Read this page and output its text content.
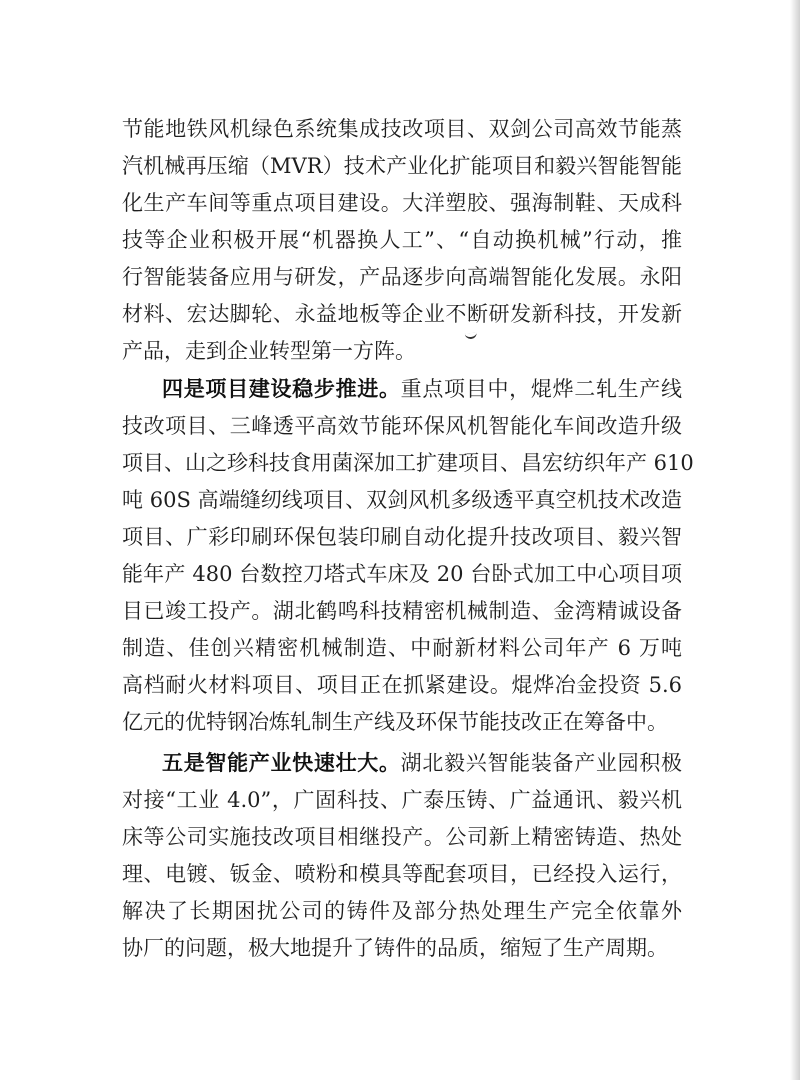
节能地铁风机绿色系统集成技改项目、双剑公司高效节能蒸
汽机械再压缩（MVR）技术产业化扩能项目和毅兴智能智能
化生产车间等重点项目建设。大洋塑胶、强海制鞋、天成科
技等企业积极开展“机器换人工”、“自动换机械”行动，推
行智能装备应用与研发，产品逐步向高端智能化发展。永阳
材料、宏达脚轮、永益地板等企业不断研发新科技，开发新
产品，走到企业转型第一方阵。
四是项目建设稳步推进。重点项目中，焜烨二轧生产线
技改项目、三峰透平高效节能环保风机智能化车间改造升级
项目、山之珍科技食用菌深加工扩建项目、昌宏纺织年产 610
吨 60S 高端缝纫线项目、双剑风机多级透平真空机技术改造
项目、广彩印刷环保包装印刷自动化提升技改项目、毅兴智
能年产 480 台数控刀塔式车床及 20 台卧式加工中心项目项
目已竣工投产。湖北鹤鸣科技精密机械制造、金湾精诚设备
制造、佳创兴精密机械制造、中耐新材料公司年产 6 万吨
高档耐火材料项目、项目正在抓紧建设。焜烨冶金投资 5.6
亿元的优特钢冶炼轧制生产线及环保节能技改正在筹备中。
五是智能产业快速壮大。湖北毅兴智能装备产业园积极
对接“工业 4.0”，广固科技、广泰压铸、广益通讯、毅兴机
床等公司实施技改项目相继投产。公司新上精密铸造、热处
理、电镀、钣金、喷粉和模具等配套项目，已经投入运行，
解决了长期困扰公司的铸件及部分热处理生产完全依靠外
协厂的问题，极大地提升了铸件的品质，缩短了生产周期。
